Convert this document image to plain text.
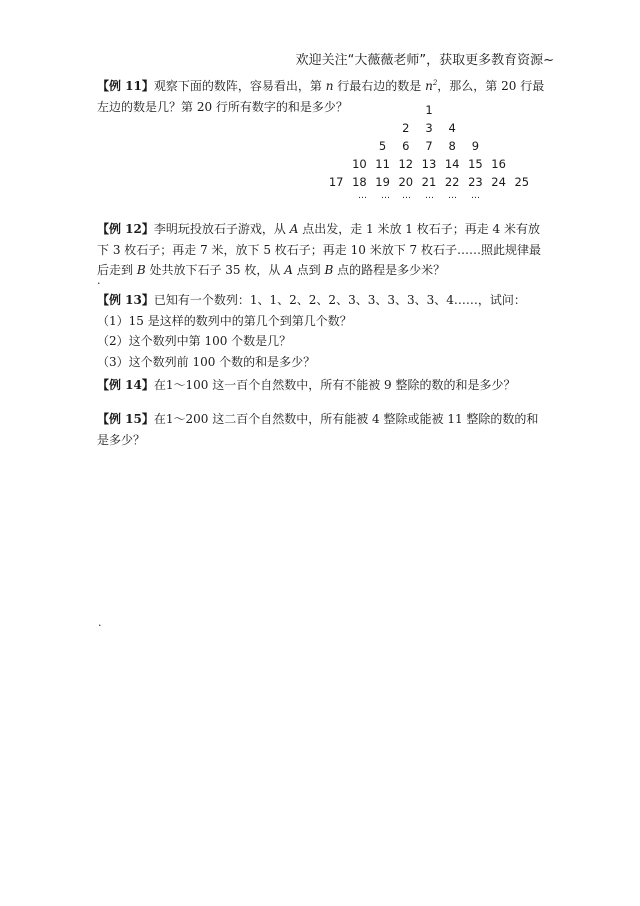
欢迎关注“大薇薇老师”，获取更多教育资源~
【例 11】观察下面的数阵，容易看出，第 n 行最右边的数是 $n^2$，那么，第 20 行最左边的数是几？第 20 行所有数字的和是多少？	1
2 3 4
5 6 7 8 9
10 11 12 13 14 15 16
17 18 19 20 21 22 23 24 25
… … … … … …
【例 12】李明玩投放石子游戏，从 A 点出发，走 1 米放 1 枚石子；再走 4 米有放下 3 枚石子；再走 7 米，放下 5 枚石子；再走 10 米放下 7 枚石子……照此规律最后走到 B 处共放下石子 35 枚，从 A 点到 B 点的路程是多少米？
.

【例 13】已知有一个数列：1、1、2、2、2、3、3、3、3、3、4……，试问：

（1）15 是这样的数列中的第几个到第几个数？

（2）这个数列中第 100 个数是几？

（3）这个数列前 100 个数的和是多少？

【例 14】在1～100 这一百个自然数中，所有不能被 9 整除的数的和是多少？
【例 15】在1～200 这二百个自然数中，所有能被 4 整除或能被 11 整除的数的和是多少？
.
